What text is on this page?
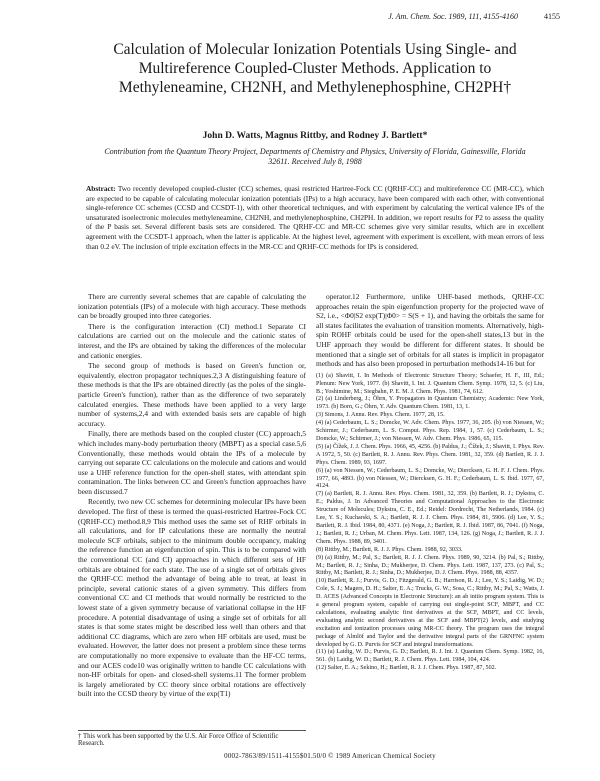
J. Am. Chem. Soc. 1989, 111, 4155-4160	4155
Calculation of Molecular Ionization Potentials Using Single- and Multireference Coupled-Cluster Methods. Application to Methyleneamine, CH2NH, and Methylenephosphine, CH2PH†
John D. Watts, Magnus Rittby, and Rodney J. Bartlett*
Contribution from the Quantum Theory Project, Departments of Chemistry and Physics, University of Florida, Gainesville, Florida 32611. Received July 8, 1988
Abstract: Two recently developed coupled-cluster (CC) schemes, quasi restricted Hartree-Fock CC (QRHF-CC) and multireference CC (MR-CC), which are expected to be capable of calculating molecular ionization potentials (IPs) to a high accuracy, have been compared with each other, with conventional single-reference CC schemes (CCSD and CCSDT-1), with other theoretical techniques, and with experiment by calculating the vertical valence IPs of the unsaturated isoelectronic molecules methyleneamine, CH2NH, and methylenephosphine, CH2PH. In addition, we report results for P2 to assess the quality of the P basis set. Several different basis sets are considered. The QRHF-CC and MR-CC schemes give very similar results, which are in excellent agreement with the CCSDT-1 approach, when the latter is applicable. At the highest level, agreement with experiment is excellent, with mean errors of less than 0.2 eV. The inclusion of triple excitation effects in the MR-CC and QRHF-CC methods for IPs is considered.

There are currently several schemes that are capable of calculating the ionization potentials (IPs) of a molecule with high accuracy. These methods can be broadly grouped into three categories.

There is the configuration interaction (CI) method.1 Separate CI calculations are carried out on the molecule and the cationic states of interest, and the IPs are obtained by taking the differences of the molecular and cationic energies.

The second group of methods is based on Green's function or, equivalently, electron propagator techniques.2,3 A distinguishing feature of these methods is that the IPs are obtained directly (as the poles of the single-particle Green's function), rather than as the difference of two separately calculated energies. These methods have been applied to a very large number of systems,2,4 and with extended basis sets are capable of high accuracy.

Finally, there are methods based on the coupled cluster (CC) approach,5 which includes many-body perturbation theory (MBPT) as a special case.5,6 Conventionally, these methods would obtain the IPs of a molecule by carrying out separate CC calculations on the molecule and cations and would use a UHF reference function for the open-shell states, with attendant spin contamination. The links between CC and Green's function approaches have been discussed.7

Recently, two new CC schemes for determining molecular IPs have been developed. The first of these is termed the quasi-restricted Hartree-Fock CC (QRHF-CC) method.8,9 This method uses the same set of RHF orbitals in all calculations, and for IP calculations these are normally the neutral molecule SCF orbitals, subject to the minimum double occupancy, making the reference function an eigenfunction of spin. This is to be compared with the conventional CC (and CI) approaches in which different sets of HF orbitals are obtained for each state. The use of a single set of orbitals gives the QRHF-CC method the advantage of being able to treat, at least in principle, several cationic states of a given symmetry. This differs from conventional CC and CI methods that would normally be restricted to the lowest state of a given symmetry because of variational collapse in the HF procedure. A potential disadvantage of using a single set of orbitals for all states is that some states might be described less well than others and that additional CC diagrams, which are zero when HF orbitals are used, must be evaluated. However, the latter does not present a problem since these terms are computationally no more expensive to evaluate than the HF-CC terms, and our ACES code10 was originally written to handle CC calculations with non-HF orbitals for open- and closed-shell systems.11 The former problem is largely ameliorated by CC theory since orbital rotations are effectively built into the CCSD theory by virtue of the exp(T1)

† This work has been supported by the U.S. Air Force Office of Scientific Research.

operator.12 Furthermore, unlike UHF-based methods, QRHF-CC approaches retain the spin eigenfunction property for the projected wave of S2, i.e., <Φ0|S2 exp(T)|Φ0> = S(S + 1), and having the orbitals the same for all states facilitates the evaluation of transition moments. Alternatively, high-spin ROHF orbitals could be used for the open-shell states,13 but in the UHF approach they would be different for different states. It should be mentioned that a single set of orbitals for all states is implicit in propagator methods and has also been proposed in perturbation methods14-16 but for

(1) (a) Shavitt, I. In Methods of Electronic Structure Theory; Schaefer, H. F., III, Ed.; Plenum: New York, 1977. (b) Shavitt, I. Int. J. Quantum Chem. Symp. 1978, 12, 5. (c) Liu, B.; Yoshimine, M.; Siegbahn, P. E. M. J. Chem. Phys. 1981, 74, 612.

(2) (a) Linderberg, J.; Öhrn, Y. Propagators in Quantum Chemistry; Academic: New York, 1973. (b) Born, G.; Öhrn, Y. Adv. Quantum Chem. 1981, 13, 1.

(3) Simons, J. Annu. Rev. Phys. Chem. 1977, 28, 15.

(4) (a) Cederbaum, L. S.; Domcke, W. Adv. Chem. Phys. 1977, 36, 205. (b) von Niessen, W.; Schirmer, J.; Cederbaum, L. S. Comput. Phys. Rep. 1984, 1, 57. (c) Cederbaum, L. S.; Domcke, W.; Schirmer, J.; von Niessen, W. Adv. Chem. Phys. 1986, 65, 115.

(5) (a) Čížek, J. J. Chem. Phys. 1966, 45, 4256. (b) Paldus, J.; Čížek, J.; Shavitt, I. Phys. Rev. A 1972, 5, 50. (c) Bartlett, R. J. Annu. Rev. Phys. Chem. 1981, 32, 359. (d) Bartlett, R. J. J. Phys. Chem. 1989, 93, 1697.

(6) (a) von Niessen, W.; Cederbaum, L. S.; Domcke, W.; Diercksen, G. H. F. J. Chem. Phys. 1977, 66, 4893. (b) von Niessen, W.; Diercksen, G. H. F.; Cederbaum, L. S. Ibid. 1977, 67, 4124.

(7) (a) Bartlett, R. J. Annu. Rev. Phys. Chem. 1981, 32, 359. (b) Bartlett, R. J.; Dykstra, C. E.; Paldus, J. In Advanced Theories and Computational Approaches to the Electronic Structure of Molecules; Dykstra, C. E., Ed.; Reidel: Dordrecht, The Netherlands, 1984. (c) Lee, Y. S.; Kucharski, S. A.; Bartlett, R. J. J. Chem. Phys. 1984, 81, 5906. (d) Lee, Y. S.; Bartlett, R. J. Ibid. 1984, 80, 4371. (e) Noga, J.; Bartlett, R. J. Ibid. 1987, 86, 7041. (f) Noga, J.; Bartlett, R. J.; Urban, M. Chem. Phys. Lett. 1987, 134, 126. (g) Noga, J.; Bartlett, R. J. J. Chem. Phys. 1988, 89, 3401.

(8) Rittby, M.; Bartlett, R. J. J. Phys. Chem. 1988, 92, 3033.

(9) (a) Rittby, M.; Pal, S.; Bartlett, R. J. J. Chem. Phys. 1989, 90, 3214. (b) Pal, S.; Rittby, M.; Bartlett, R. J.; Sinha, D.; Mukherjee, D. Chem. Phys. Lett. 1987, 137, 273. (c) Pal, S.; Rittby, M.; Bartlett, R. J.; Sinha, D.; Mukherjee, D. J. Chem. Phys. 1988, 88, 4357.

(10) Bartlett, R. J.; Purvis, G. D.; Fitzgerald, G. B.; Harrison, R. J.; Lee, Y. S.; Laidig, W. D.; Cole, S. J.; Magers, D. H.; Salter, E. A.; Trucks, G. W.; Sosa, C.; Rittby, M.; Pal, S.; Watts, J. D. ACES (Advanced Concepts in Electronic Structure): an ab initio program system. This is a general program system, capable of carrying out single-point SCF, MBPT, and CC calculations, evaluating analytic first derivatives at the SCF, MBPT, and CC levels, evaluating analytic second derivatives at the SCF and MBPT(2) levels, and studying excitation and ionization processes using MR-CC theory. The program uses the integral package of Almlöf and Taylor and the derivative integral parts of the GRNFNC system developed by G. D. Purvis for SCF and integral transformations.

(11) (a) Laidig, W. D.; Purvis, G. D.; Bartlett, R. J. Int. J. Quantum Chem. Symp. 1982, 16, 561. (b) Laidig, W. D.; Bartlett, R. J. Chem. Phys. Lett. 1984, 104, 424.

(12) Salter, E. A.; Sekino, H.; Bartlett, R. J. J. Chem. Phys. 1987, 87, 502.

0002-7863/89/1511-4155$01.50/0 © 1989 American Chemical Society
